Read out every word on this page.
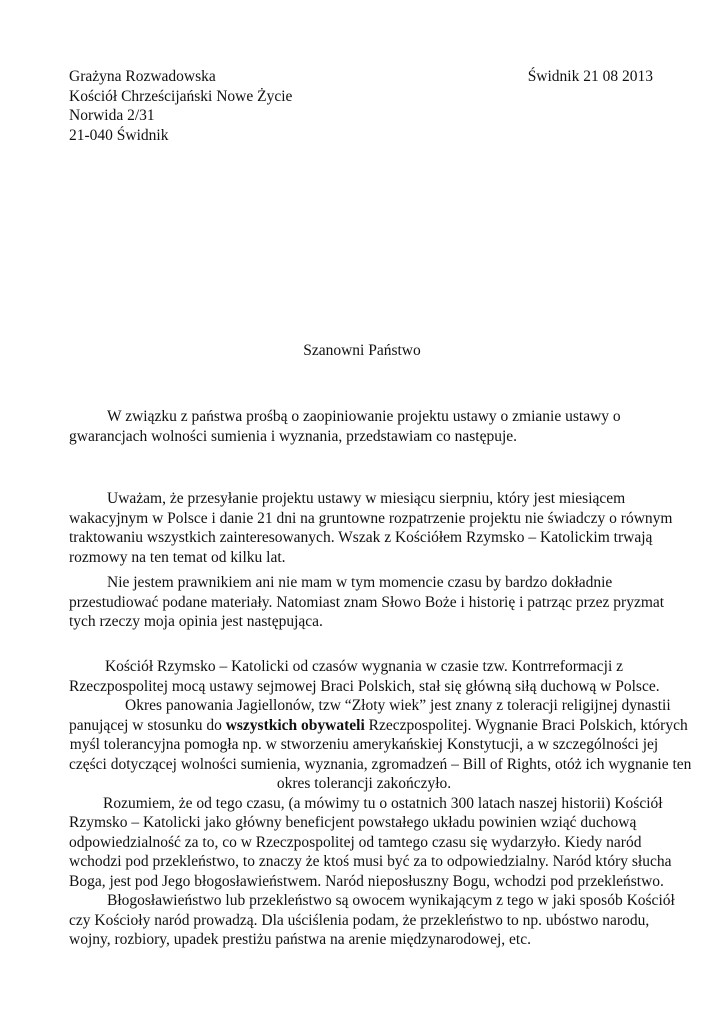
Grażyna Rozwadowska
Kościół Chrześcijański Nowe Życie
Norwida 2/31
21-040 Świdnik
Świdnik 21 08 2013
Szanowni Państwo
W związku z państwa prośbą o zaopiniowanie projektu ustawy o zmianie ustawy o
gwarancjach wolności sumienia i wyznania, przedstawiam co następuje.
Uważam, że przesyłanie projektu ustawy w miesiącu sierpniu, który jest miesiącem
wakacyjnym w Polsce i danie 21 dni na gruntowne rozpatrzenie projektu nie świadczy o równym
traktowaniu wszystkich zainteresowanych. Wszak z Kościółem Rzymsko – Katolickim trwają
rozmowy na ten temat od kilku lat.
Nie jestem prawnikiem ani nie mam w tym momencie czasu by bardzo dokładnie
przestudiować podane materiały. Natomiast znam Słowo Boże i historię i patrząc przez pryzmat
tych rzeczy moja opinia jest następująca.
Kościół Rzymsko – Katolicki od czasów wygnania w czasie tzw. Kontrreformacji z
Rzeczpospolitej mocą ustawy sejmowej Braci Polskich, stał się główną siłą duchową w Polsce.
Okres panowania Jagiellonów, tzw “Złoty wiek” jest znany z toleracji religijnej dynastii
panującej w stosunku do wszystkich obywateli Rzeczpospolitej. Wygnanie Braci Polskich, których
myśl tolerancyjna pomogła np. w stworzeniu amerykańskiej Konstytucji, a w szczególności jej
części dotyczącej wolności sumienia, wyznania, zgromadzeń – Bill of Rights, otóż ich wygnanie ten
okres tolerancji zakończyło.
Rozumiem, że od tego czasu, (a mówimy tu o ostatnich 300 latach naszej historii) Kościół
Rzymsko – Katolicki jako główny beneficjent powstałego układu powinien wziąć duchową
odpowiedzialność za to, co w Rzeczpospolitej od tamtego czasu się wydarzyło. Kiedy naród
wchodzi pod przekleństwo, to znaczy że ktoś musi być za to odpowiedzialny. Naród który słucha
Boga, jest pod Jego błogosławieństwem. Naród nieposłuszny Bogu, wchodzi pod przekleństwo.
Błogosławieństwo lub przekleństwo są owocem wynikającym z tego w jaki sposób Kościół
czy Kościoły naród prowadzą. Dla uściślenia podam, że przekleństwo to np. ubóstwo narodu,
wojny, rozbiory, upadek prestiżu państwa na arenie międzynarodowej, etc.
